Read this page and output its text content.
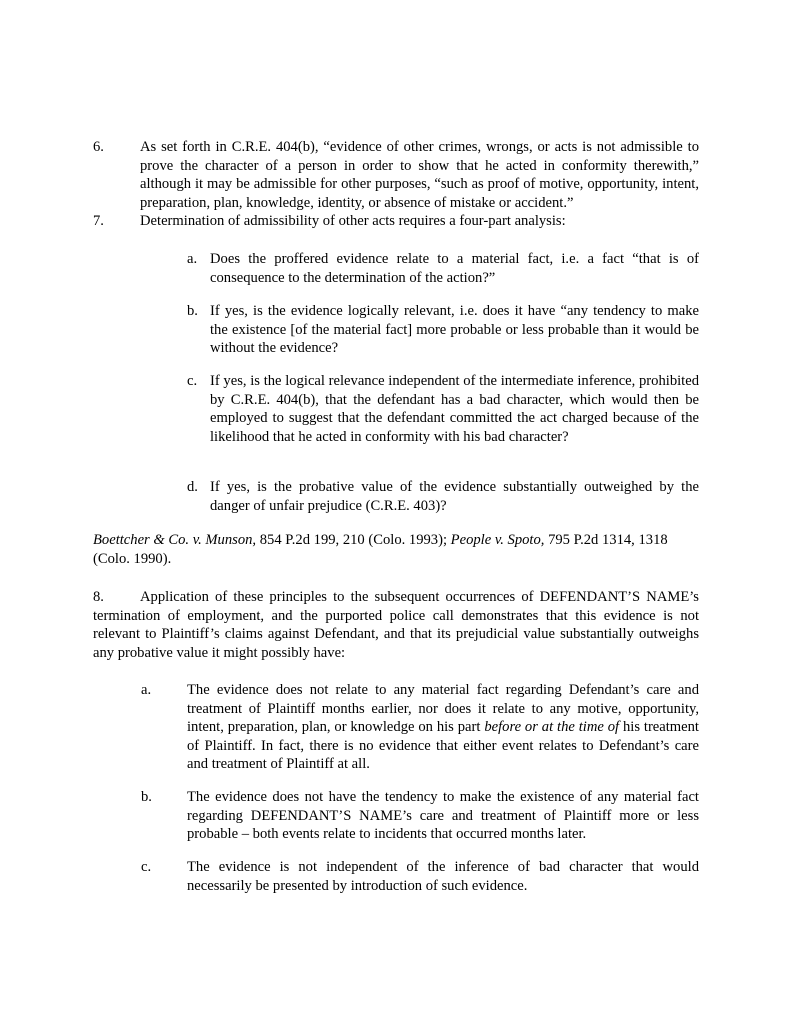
6. As set forth in C.R.E. 404(b), “evidence of other crimes, wrongs, or acts is not admissible to prove the character of a person in order to show that he acted in conformity therewith,” although it may be admissible for other purposes, “such as proof of motive, opportunity, intent, preparation, plan, knowledge, identity, or absence of mistake or accident.”
7. Determination of admissibility of other acts requires a four-part analysis:
a. Does the proffered evidence relate to a material fact, i.e. a fact “that is of consequence to the determination of the action?”
b. If yes, is the evidence logically relevant, i.e. does it have “any tendency to make the existence [of the material fact] more probable or less probable than it would be without the evidence?
c. If yes, is the logical relevance independent of the intermediate inference, prohibited by C.R.E. 404(b), that the defendant has a bad character, which would then be employed to suggest that the defendant committed the act charged because of the likelihood that he acted in conformity with his bad character?
d. If yes, is the probative value of the evidence substantially outweighed by the danger of unfair prejudice (C.R.E. 403)?
Boettcher & Co. v. Munson, 854 P.2d 199, 210 (Colo. 1993); People v. Spoto, 795 P.2d 1314, 1318 (Colo. 1990).
8. Application of these principles to the subsequent occurrences of DEFENDANT’S NAME’s termination of employment, and the purported police call demonstrates that this evidence is not relevant to Plaintiff’s claims against Defendant, and that its prejudicial value substantially outweighs any probative value it might possibly have:
a. The evidence does not relate to any material fact regarding Defendant’s care and treatment of Plaintiff months earlier, nor does it relate to any motive, opportunity, intent, preparation, plan, or knowledge on his part before or at the time of his treatment of Plaintiff. In fact, there is no evidence that either event relates to Defendant’s care and treatment of Plaintiff at all.
b. The evidence does not have the tendency to make the existence of any material fact regarding DEFENDANT’S NAME’s care and treatment of Plaintiff more or less probable – both events relate to incidents that occurred months later.
c. The evidence is not independent of the inference of bad character that would necessarily be presented by introduction of such evidence.
